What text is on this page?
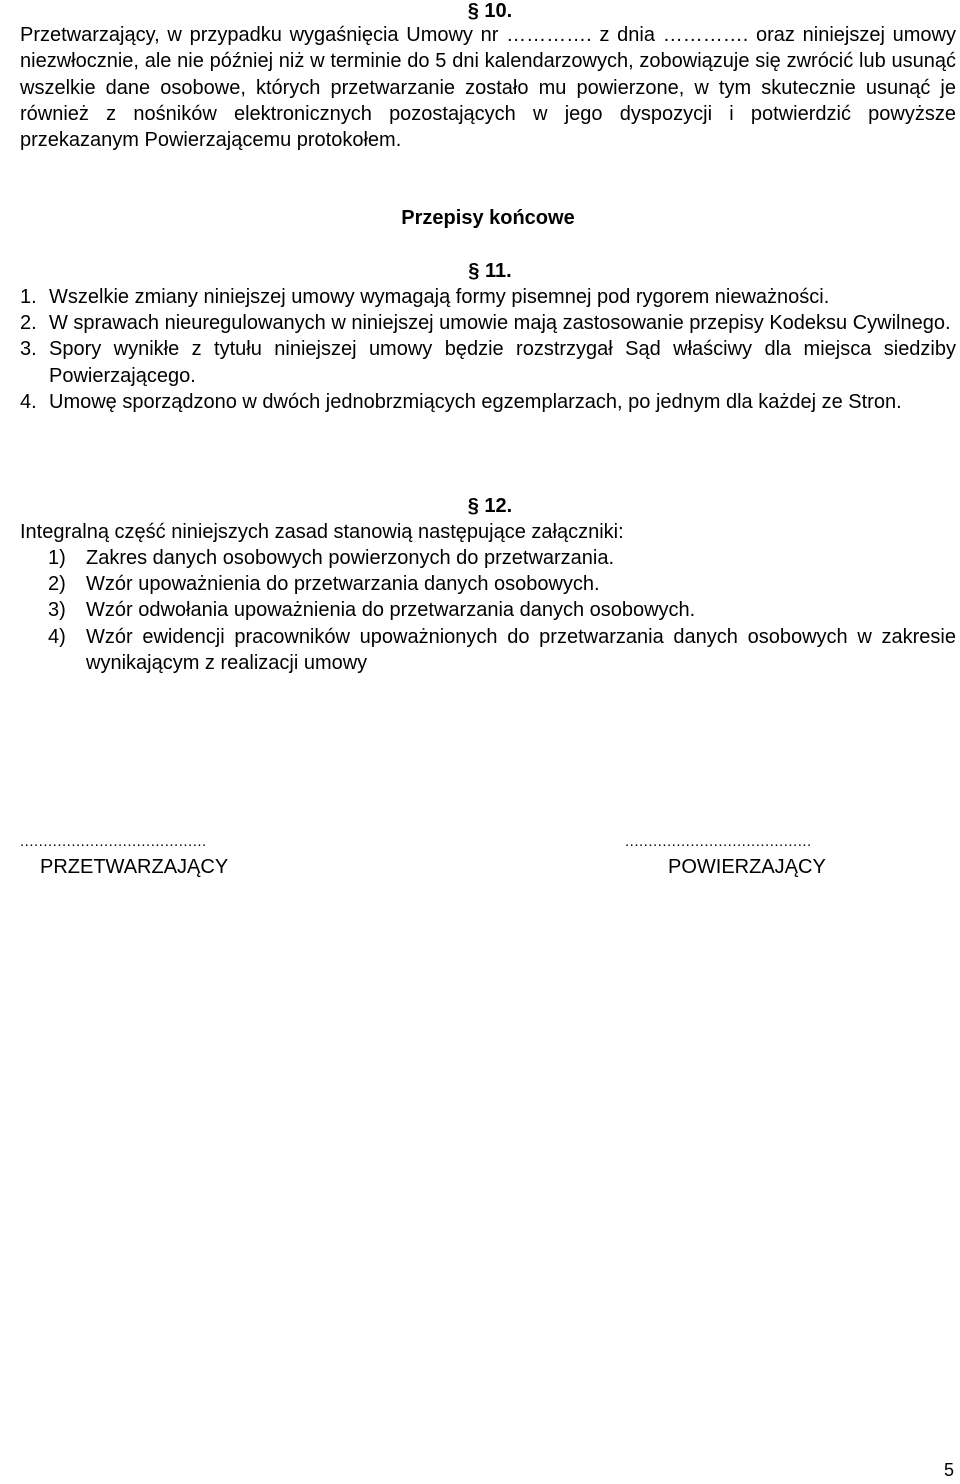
§ 10.
Przetwarzający, w przypadku wygaśnięcia Umowy nr …………. z dnia …………. oraz niniejszej umowy niezwłocznie, ale nie później niż w terminie do 5 dni kalendarzowych, zobowiązuje się zwrócić lub usunąć wszelkie dane osobowe, których przetwarzanie zostało mu powierzone, w tym skutecznie usunąć je również z nośników elektronicznych pozostających w jego dyspozycji i potwierdzić powyższe przekazanym Powierzającemu protokołem.
Przepisy końcowe
§ 11.
1. Wszelkie zmiany niniejszej umowy wymagają formy pisemnej pod rygorem nieważności.
2. W sprawach nieuregulowanych w niniejszej umowie mają zastosowanie przepisy Kodeksu Cywilnego.
3. Spory wynikłe z tytułu niniejszej umowy będzie rozstrzygał Sąd właściwy dla miejsca siedziby Powierzającego.
4. Umowę sporządzono w dwóch jednobrzmiących egzemplarzach, po jednym dla każdej ze Stron.
§ 12.
Integralną część niniejszych zasad stanowią następujące załączniki:
1)	Zakres danych osobowych powierzonych do przetwarzania.
2)	Wzór upoważnienia do przetwarzania danych osobowych.
3)	Wzór odwołania upoważnienia do przetwarzania danych osobowych.
4)	Wzór ewidencji pracowników upoważnionych do przetwarzania danych osobowych w zakresie wynikającym z realizacji umowy
........................................
PRZETWARZAJĄCY
........................................
POWIERZAJĄCY
5
